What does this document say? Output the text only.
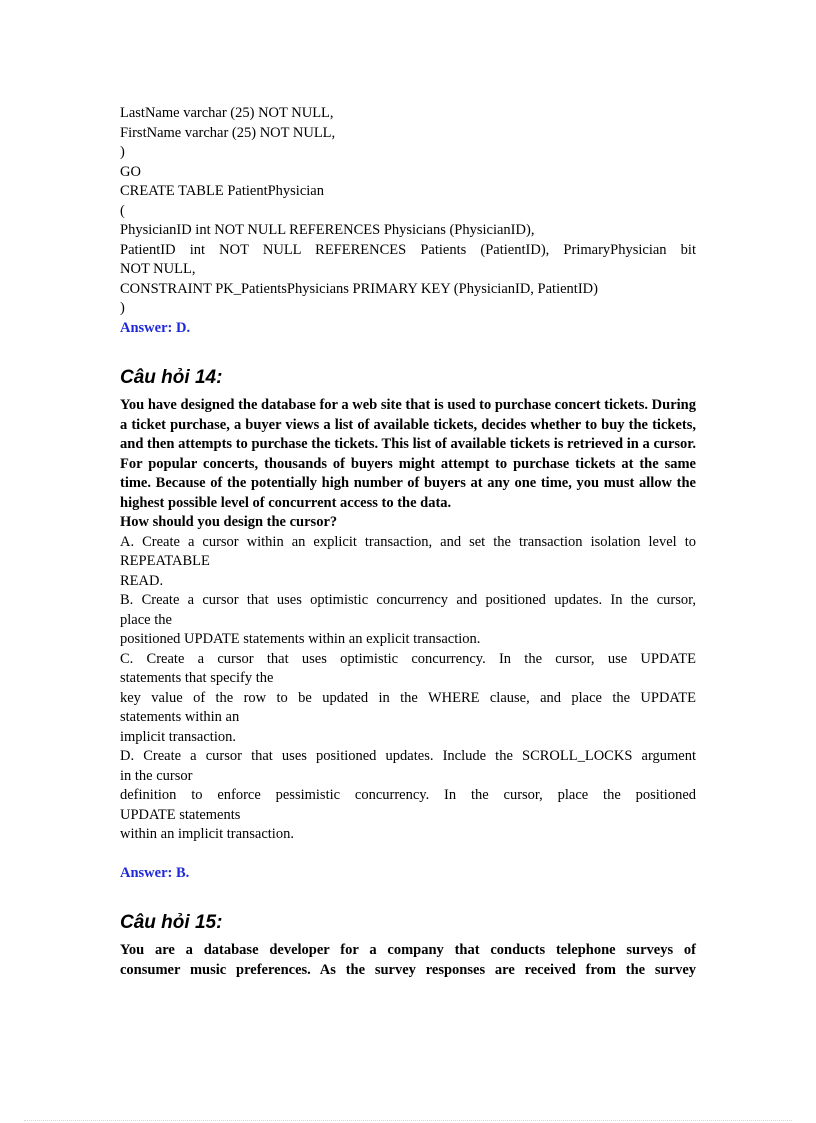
LastName varchar (25) NOT NULL,
FirstName varchar (25) NOT NULL,
)
GO
CREATE TABLE PatientPhysician
(
PhysicianID int NOT NULL REFERENCES Physicians (PhysicianID),
PatientID int NOT NULL REFERENCES Patients (PatientID), PrimaryPhysician bit
NOT NULL,
CONSTRAINT PK_PatientsPhysicians PRIMARY KEY (PhysicianID, PatientID)
)
Answer: D.
Câu hỏi 14:
You have designed the database for a web site that is used to purchase concert tickets. During a ticket purchase, a buyer views a list of available tickets, decides whether to buy the tickets, and then attempts to purchase the tickets. This list of available tickets is retrieved in a cursor. For popular concerts, thousands of buyers might attempt to purchase tickets at the same time. Because of the potentially high number of buyers at any one time, you must allow the highest possible level of concurrent access to the data.
How should you design the cursor?
A. Create a cursor within an explicit transaction, and set the transaction isolation level to
REPEATABLE
READ.
B. Create a cursor that uses optimistic concurrency and positioned updates. In the cursor,
place the
positioned UPDATE statements within an explicit transaction.
C. Create a cursor that uses optimistic concurrency. In the cursor, use UPDATE
statements that specify the
key value of the row to be updated in the WHERE clause, and place the UPDATE
statements within an
implicit transaction.
D. Create a cursor that uses positioned updates. Include the SCROLL_LOCKS argument
in the cursor
definition to enforce pessimistic concurrency. In the cursor, place the positioned
UPDATE statements
within an implicit transaction.
Answer: B.
Câu hỏi 15:
You are a database developer for a company that conducts telephone surveys of
consumer music preferences. As the survey responses are received from the survey
